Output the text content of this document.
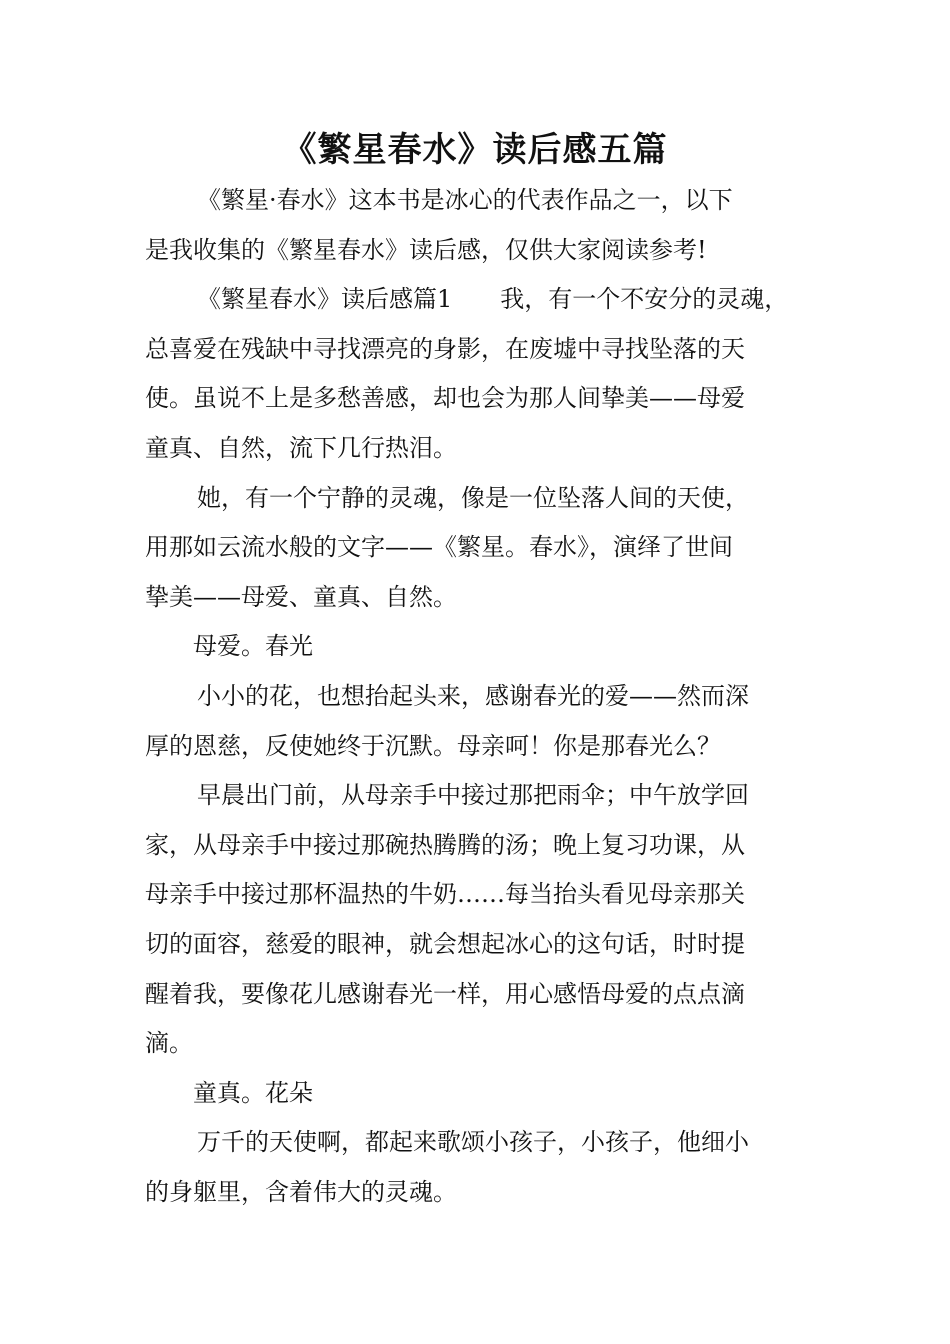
《繁星春水》读后感五篇
《繁星·春水》这本书是冰心的代表作品之一，以下
是我收集的《繁星春水》读后感，仅供大家阅读参考!
《繁星春水》读后感篇1 我，有一个不安分的灵魂，
总喜爱在残缺中寻找漂亮的身影，在废墟中寻找坠落的天
使。虽说不上是多愁善感，却也会为那人间挚美——母爱
童真、自然，流下几行热泪。
她，有一个宁静的灵魂，像是一位坠落人间的天使，
用那如云流水般的文字——《繁星。春水》，演绎了世间
挚美——母爱、童真、自然。
母爱。春光
小小的花，也想抬起头来，感谢春光的爱——然而深
厚的恩慈，反使她终于沉默。母亲呵！你是那春光么？
早晨出门前，从母亲手中接过那把雨伞；中午放学回
家，从母亲手中接过那碗热腾腾的汤；晚上复习功课，从
母亲手中接过那杯温热的牛奶……每当抬头看见母亲那关
切的面容，慈爱的眼神，就会想起冰心的这句话，时时提
醒着我，要像花儿感谢春光一样，用心感悟母爱的点点滴
滴。
童真。花朵
万千的天使啊，都起来歌颂小孩子，小孩子，他细小
的身躯里，含着伟大的灵魂。
